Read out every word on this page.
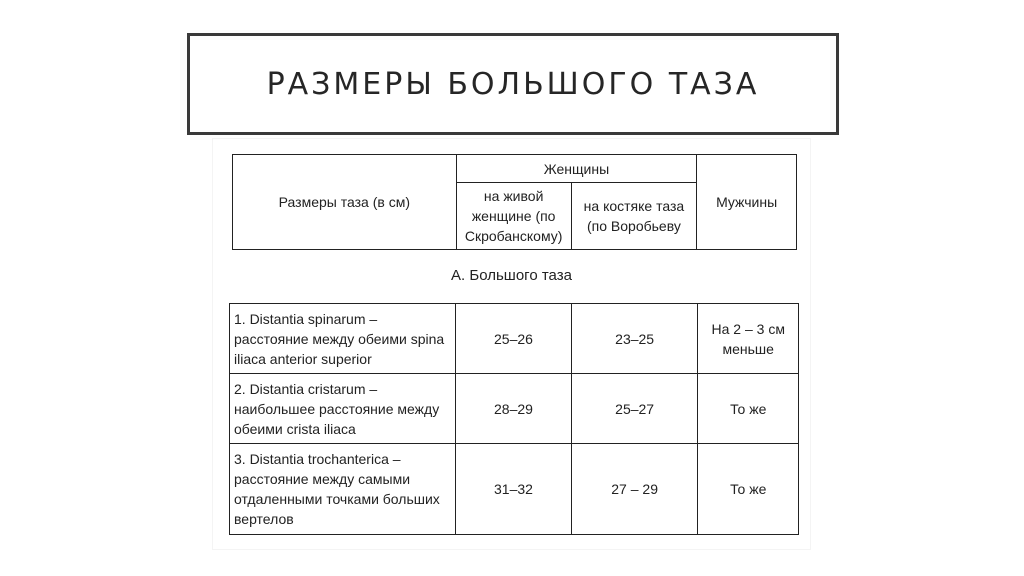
РАЗМЕРЫ БОЛЬШОГО ТАЗА
Размеры таза (в см)	Женщины		Мужчины
	на живой женщине (по Скробанскому)	на костяке таза (по Воробьеву	
А. Большого таза
1. Distantia spinarum – расстояние между обеими spina iliaca anterior superior	25–26	23–25	На 2 – 3 см меньше
2. Distantia cristarum – наибольшее расстояние между обеими crista iliaca	28–29	25–27	То же
3. Distantia trochanterica – расстояние между самыми отдаленными точками больших вертелов	31–32	27 – 29	То же
